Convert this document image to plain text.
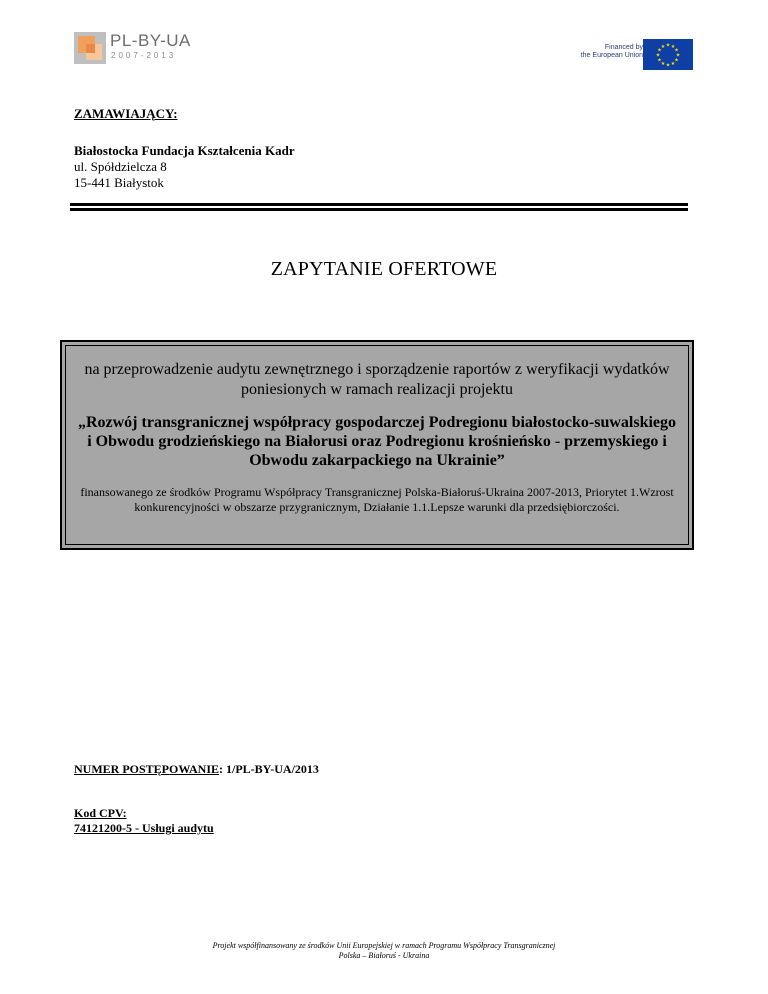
PL-BY-UA
2007-2013
Financed by
the European Union
★ ★
★
★
★
★
★
★
★
★
★
★
ZAMAWIAJĄCY:
Białostocka Fundacja Kształcenia Kadr
ul. Spółdzielcza 8
15-441 Białystok
ZAPYTANIE OFERTOWE
na przeprowadzenie audytu zewnętrznego i sporządzenie raportów z weryfikacji wydatków poniesionych w ramach realizacji projektu
„Rozwój transgranicznej współpracy gospodarczej Podregionu białostocko-suwalskiego i Obwodu grodzieńskiego na Białorusi oraz Podregionu krośnieńsko - przemyskiego i Obwodu zakarpackiego na Ukrainie”
finansowanego ze środków Programu Współpracy Transgranicznej Polska-Białoruś-Ukraina 2007-2013, Priorytet 1.Wzrost konkurencyjności w obszarze przygranicznym, Działanie 1.1.Lepsze warunki dla przedsiębiorczości.
NUMER POSTĘPOWANIE: 1/PL-BY-UA/2013
Kod CPV:
74121200-5 - Usługi audytu
Projekt współfinansowany ze środków Unii Europejskiej w ramach Programu Współpracy Transgranicznej
Polska – Białoruś - Ukraina
